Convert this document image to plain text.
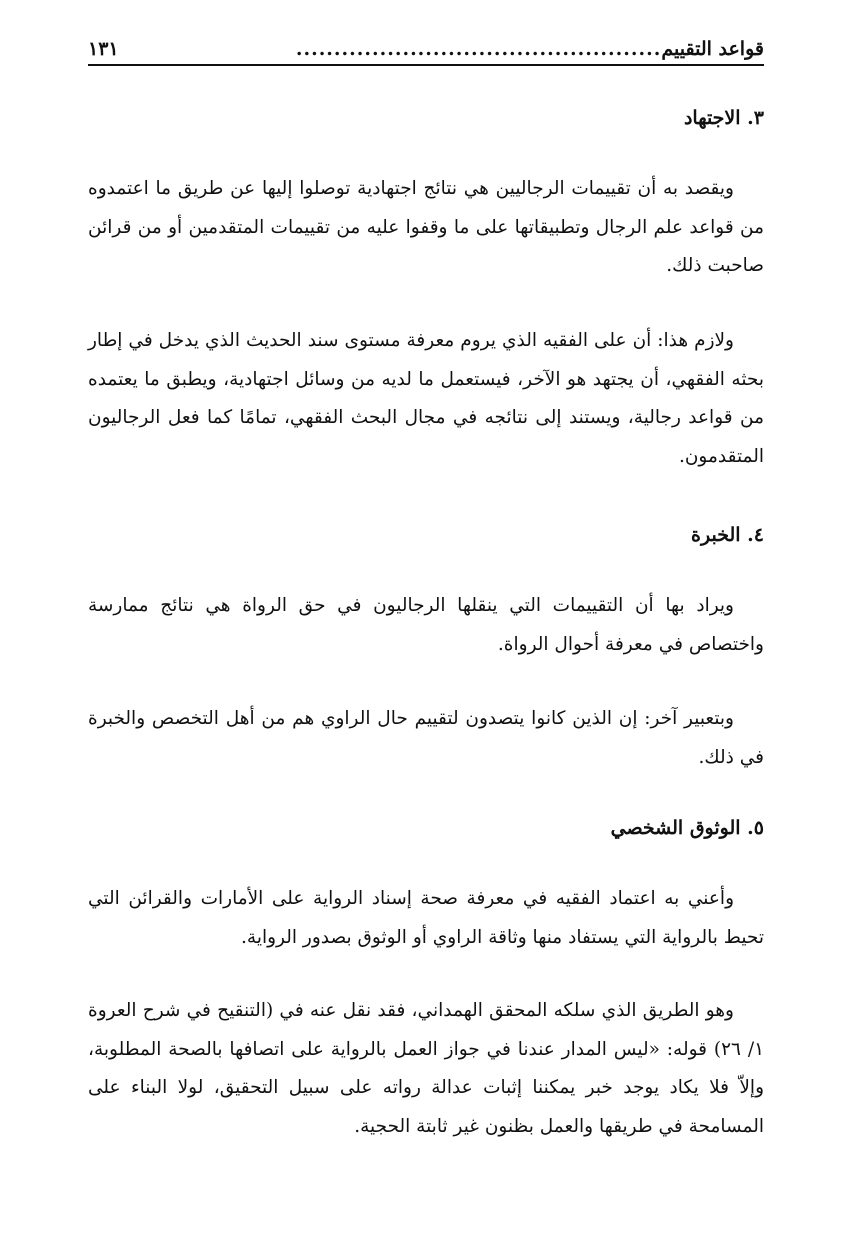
قواعد التقييم
................................................
١٣١
٣. الاجتهاد

ويقصد به أن تقييمات الرجاليين هي نتائج اجتهادية توصلوا إليها عن طريق ما اعتمدوه من قواعد علم الرجال وتطبيقاتها على ما وقفوا عليه من تقييمات المتقدمين أو من قرائن صاحبت ذلك.

ولازم هذا: أن على الفقيه الذي يروم معرفة مستوى سند الحديث الذي يدخل في إطار بحثه الفقهي، أن يجتهد هو الآخر، فيستعمل ما لديه من وسائل اجتهادية، ويطبق ما يعتمده من قواعد رجالية، ويستند إلى نتائجه في مجال البحث الفقهي، تمامًا كما فعل الرجاليون المتقدمون.

٤. الخبرة

ويراد بها أن التقييمات التي ينقلها الرجاليون في حق الرواة هي نتائج ممارسة واختصاص في معرفة أحوال الرواة.

وبتعبير آخر: إن الذين كانوا يتصدون لتقييم حال الراوي هم من أهل التخصص والخبرة في ذلك.

٥. الوثوق الشخصي

وأعني به اعتماد الفقيه في معرفة صحة إسناد الرواية على الأمارات والقرائن التي تحيط بالرواية التي يستفاد منها وثاقة الراوي أو الوثوق بصدور الرواية.

وهو الطريق الذي سلكه المحقق الهمداني، فقد نقل عنه في (التنقيح في شرح العروة ١/ ٢٦) قوله: «ليس المدار عندنا في جواز العمل بالرواية على اتصافها بالصحة المطلوبة، وإلاّ فلا يكاد يوجد خبر يمكننا إثبات عدالة رواته على سبيل التحقيق، لولا البناء على المسامحة في طريقها والعمل بظنون غير ثابتة الحجية.
